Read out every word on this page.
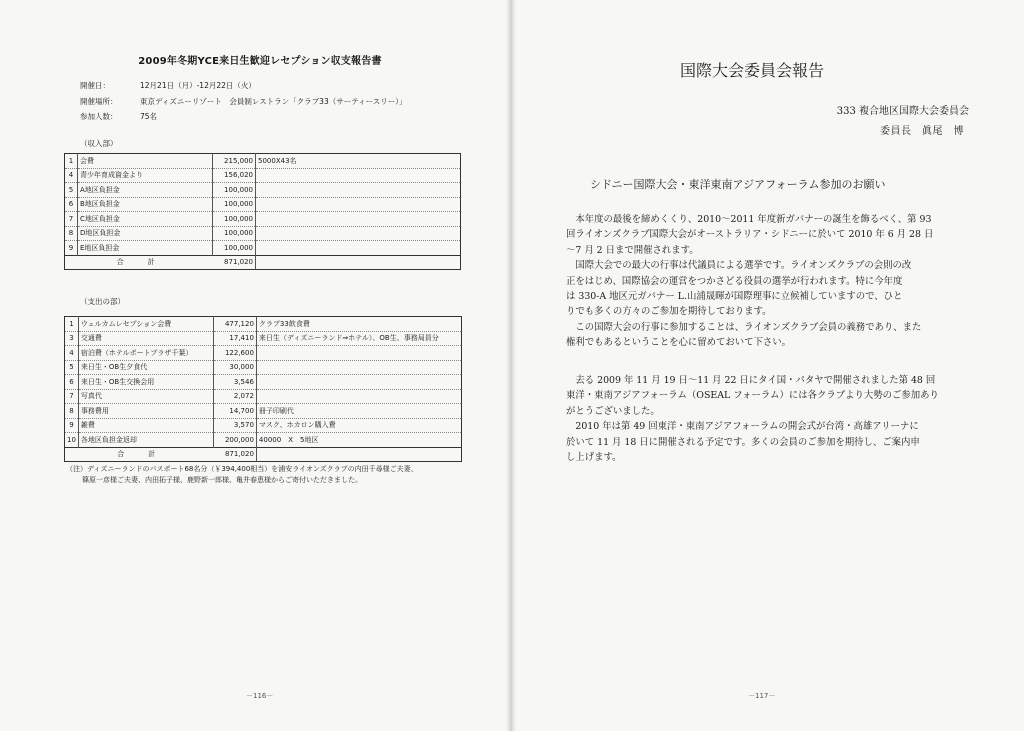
2009年冬期YCE来日生歓迎レセプション収支報告書
開催日：	12月21日（月）-12月22日（火）
開催場所：	東京ディズニーリゾート　会員制レストラン「クラブ33（サーティースリー）」
参加人数：	75名
（収入部）
1	会費	215,000	5000X43名
4	青少年育成資金より	156,020	
5	A地区負担金	100,000	
6	B地区負担金	100,000	
7	C地区負担金	100,000	
8	D地区負担金	100,000	
9	E地区負担金	100,000	
合計		871,020	
（支出の部）
1	ウェルカムレセプション会費	477,120	クラブ33飲食費
3	交通費	17,410	来日生（ディズニーランド⇒ホテル）、OB生、事務局員分
4	宿泊費（ホテルポートプラザ千葉）	122,600	
5	来日生・OB生夕食代	30,000	
6	来日生・OB生交換会用	3,546	
7	写真代	2,072	
8	事務費用	14,700	冊子印刷代
9	雑費	3,570	マスク、ホカロン購入費
10	各地区負担金返却	200,000	40000　X　5地区
合計		871,020	
（注）ディズニーランドのパスポート68名分（￥394,400相当）を浦安ライオンズクラブの内田千尋様ご夫妻、
篠原一彦様ご夫妻、内田拓子様、鹿野新一郎様、亀井春恵様からご寄付いただきました。
－116－
国際大会委員会報告
333 複合地区国際大会委員会
委員長　眞尾　博
シドニー国際大会・東洋東南アジアフォーラム参加のお願い

　本年度の最後を締めくくり、2010～2011 年度新ガバナーの誕生を飾るべく、第 93

回ライオンズクラブ国際大会がオーストラリア・シドニーに於いて 2010 年 6 月 28 日

～7 月 2 日まで開催されます。

　国際大会での最大の行事は代議員による選挙です。ライオンズクラブの会則の改

正をはじめ、国際協会の運営をつかさどる役員の選挙が行われます。特に今年度

は 330-A 地区元ガバナー L.山浦晟暉が国際理事に立候補していますので、ひと

りでも多くの方々のご参加を期待しております。

　この国際大会の行事に参加することは、ライオンズクラブ会員の義務であり、また

権利でもあるということを心に留めておいて下さい。

　去る 2009 年 11 月 19 日～11 月 22 日にタイ国・パタヤで開催されました第 48 回

東洋・東南アジアフォーラム（OSEAL フォーラム）には各クラブより大勢のご参加あり

がとうございました。

　2010 年は第 49 回東洋・東南アジアフォーラムの開会式が台湾・高雄アリーナに

於いて 11 月 18 日に開催される予定です。多くの会員のご参加を期待し、ご案内申

し上げます。

－117－
